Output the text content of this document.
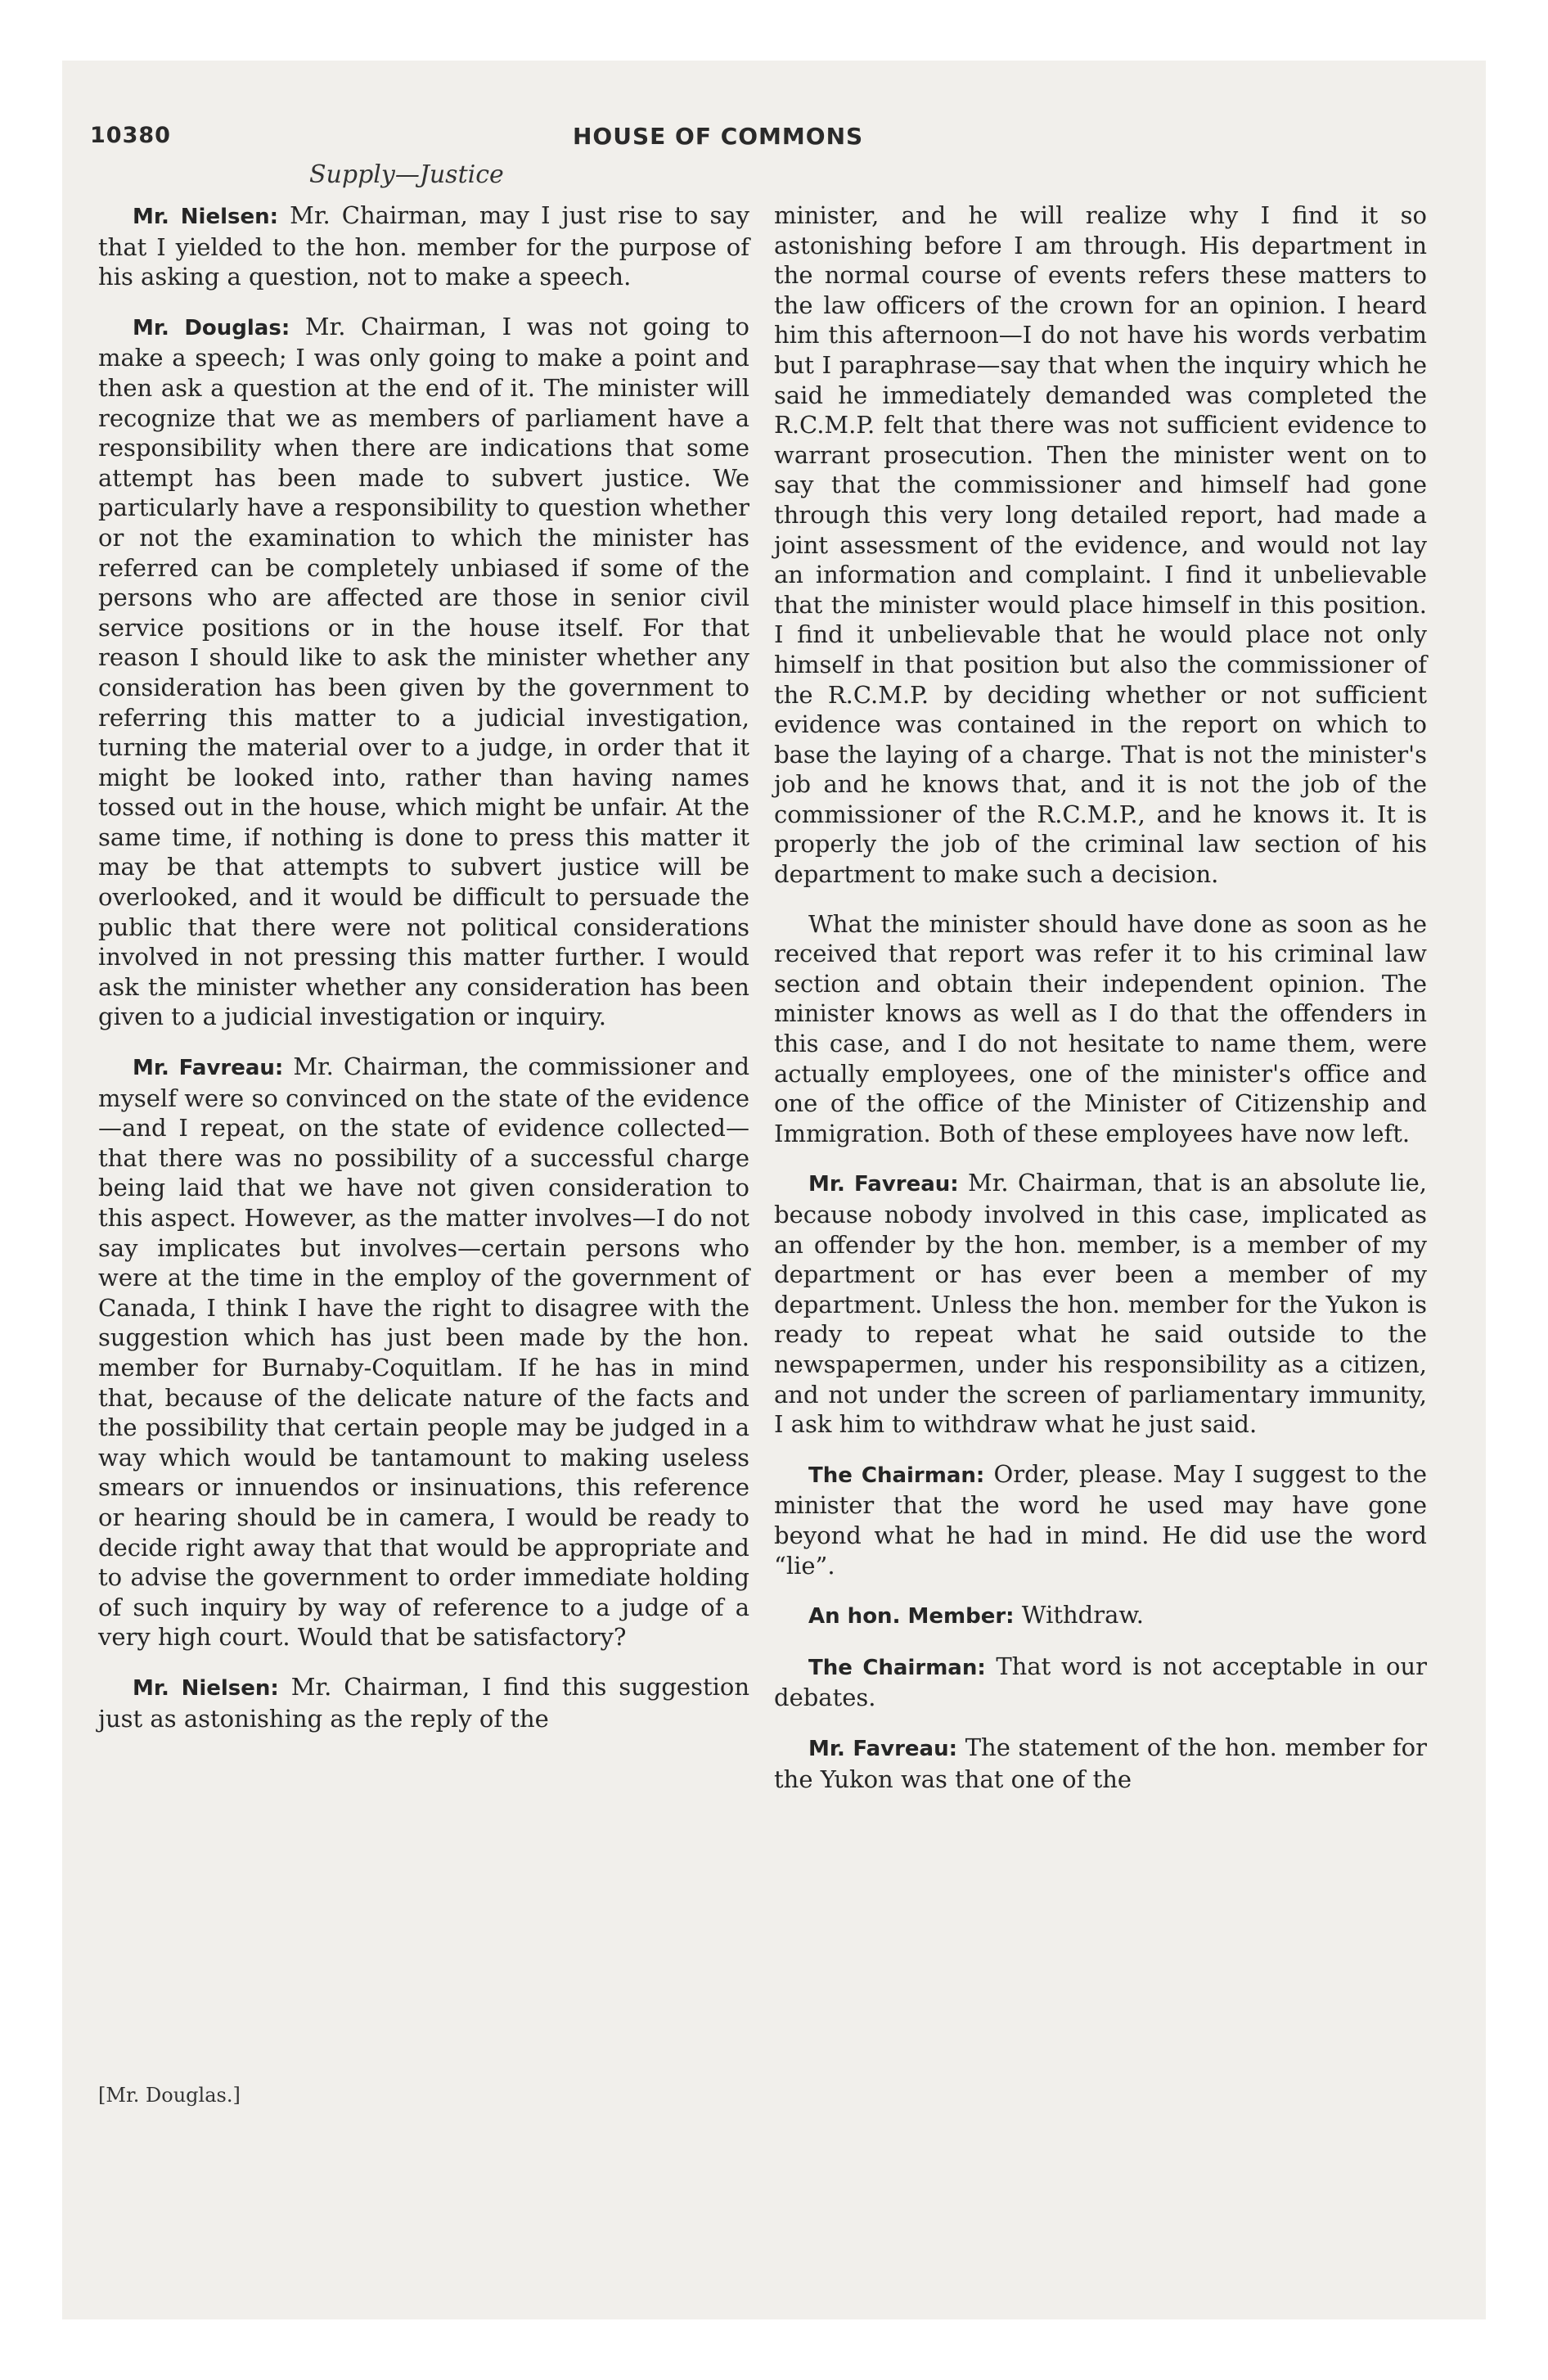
10380	HOUSE OF COMMONS
Supply—Justice

Mr. Nielsen: Mr. Chairman, may I just rise to say that I yielded to the hon. member for the purpose of his asking a question, not to make a speech.

Mr. Douglas: Mr. Chairman, I was not going to make a speech; I was only going to make a point and then ask a question at the end of it. The minister will recognize that we as members of parliament have a responsibility when there are indications that some attempt has been made to subvert justice. We particularly have a responsibility to question whether or not the examination to which the minister has referred can be completely unbiased if some of the persons who are affected are those in senior civil service positions or in the house itself. For that reason I should like to ask the minister whether any consideration has been given by the government to referring this matter to a judicial investigation, turning the material over to a judge, in order that it might be looked into, rather than having names tossed out in the house, which might be unfair. At the same time, if nothing is done to press this matter it may be that attempts to subvert justice will be overlooked, and it would be difficult to persuade the public that there were not political considerations involved in not pressing this matter further. I would ask the minister whether any consideration has been given to a judicial investigation or inquiry.

Mr. Favreau: Mr. Chairman, the commissioner and myself were so convinced on the state of the evidence—and I repeat, on the state of evidence collected—that there was no possibility of a successful charge being laid that we have not given consideration to this aspect. However, as the matter involves—I do not say implicates but involves—certain persons who were at the time in the employ of the government of Canada, I think I have the right to disagree with the suggestion which has just been made by the hon. member for Burnaby-Coquitlam. If he has in mind that, because of the delicate nature of the facts and the possibility that certain people may be judged in a way which would be tantamount to making useless smears or innuendos or insinuations, this reference or hearing should be in camera, I would be ready to decide right away that that would be appropriate and to advise the government to order immediate holding of such inquiry by way of reference to a judge of a very high court. Would that be satisfactory?

Mr. Nielsen: Mr. Chairman, I find this suggestion just as astonishing as the reply of the

minister, and he will realize why I find it so astonishing before I am through. His department in the normal course of events refers these matters to the law officers of the crown for an opinion. I heard him this afternoon—I do not have his words verbatim but I paraphrase—say that when the inquiry which he said he immediately demanded was completed the R.C.M.P. felt that there was not sufficient evidence to warrant prosecution. Then the minister went on to say that the commissioner and himself had gone through this very long detailed report, had made a joint assessment of the evidence, and would not lay an information and complaint. I find it unbelievable that the minister would place himself in this position. I find it unbelievable that he would place not only himself in that position but also the commissioner of the R.C.M.P. by deciding whether or not sufficient evidence was contained in the report on which to base the laying of a charge. That is not the minister's job and he knows that, and it is not the job of the commissioner of the R.C.M.P., and he knows it. It is properly the job of the criminal law section of his department to make such a decision.

What the minister should have done as soon as he received that report was refer it to his criminal law section and obtain their independent opinion. The minister knows as well as I do that the offenders in this case, and I do not hesitate to name them, were actually employees, one of the minister's office and one of the office of the Minister of Citizenship and Immigration. Both of these employees have now left.

Mr. Favreau: Mr. Chairman, that is an absolute lie, because nobody involved in this case, implicated as an offender by the hon. member, is a member of my department or has ever been a member of my department. Unless the hon. member for the Yukon is ready to repeat what he said outside to the newspapermen, under his responsibility as a citizen, and not under the screen of parliamentary immunity, I ask him to withdraw what he just said.

The Chairman: Order, please. May I suggest to the minister that the word he used may have gone beyond what he had in mind. He did use the word “lie”.

An hon. Member: Withdraw.

The Chairman: That word is not acceptable in our debates.

Mr. Favreau: The statement of the hon. member for the Yukon was that one of the

[Mr. Douglas.]
